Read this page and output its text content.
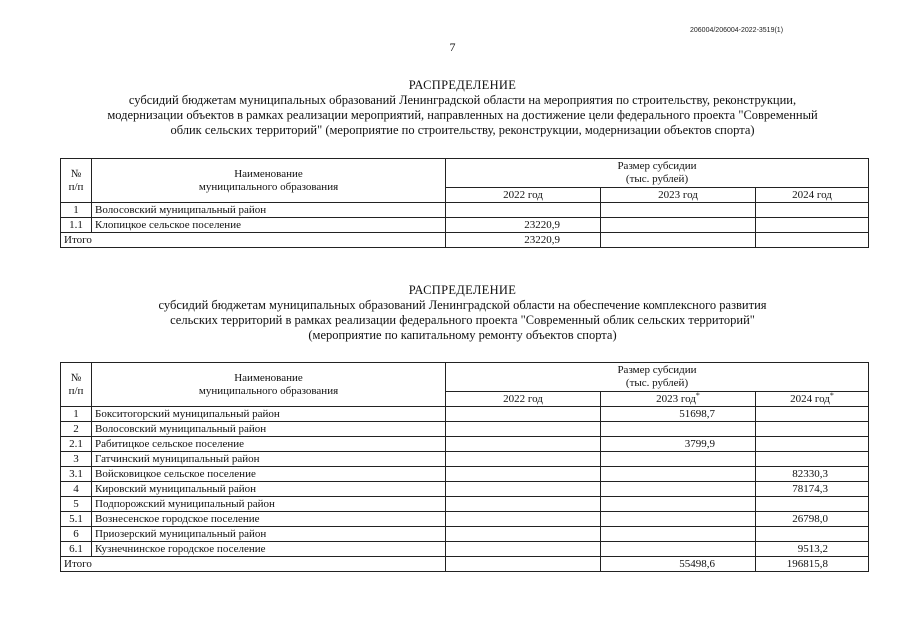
206004/206004-2022-3519(1)
7
РАСПРЕДЕЛЕНИЕ
субсидий бюджетам муниципальных образований Ленинградской области на мероприятия по строительству, реконструкции,
модернизации объектов в рамках реализации мероприятий, направленных на достижение цели федерального проекта "Современный
облик сельских территорий" (мероприятие по строительству, реконструкции, модернизации объектов спорта)
№
п/п	Наименование
муниципального образования	Размер субсидии
(тыс. рублей)		
		2022 год	2023 год	2024 год
1	Волосовский муниципальный район			
1.1	Клопицкое сельское поселение	23220,9		
Итого		23220,9		
РАСПРЕДЕЛЕНИЕ
субсидий бюджетам муниципальных образований Ленинградской области на обеспечение комплексного развития
сельских территорий в рамках реализации федерального проекта "Современный облик сельских территорий"
(мероприятие по капитальному ремонту объектов спорта)
№
п/п	Наименование
муниципального образования	Размер субсидии
(тыс. рублей)		
		2022 год	2023 год*	2024 год*
1	Бокситогорский муниципальный район		51698,7	
2	Волосовский муниципальный район			
2.1	Рабитицкое сельское поселение		3799,9	
3	Гатчинский муниципальный район			
3.1	Войсковицкое сельское поселение			82330,3
4	Кировский муниципальный район			78174,3
5	Подпорожский муниципальный район			
5.1	Вознесенское городское поселение			26798,0
6	Приозерский муниципальный район			
6.1	Кузнечнинское городское поселение			9513,2
Итого			55498,6	196815,8
